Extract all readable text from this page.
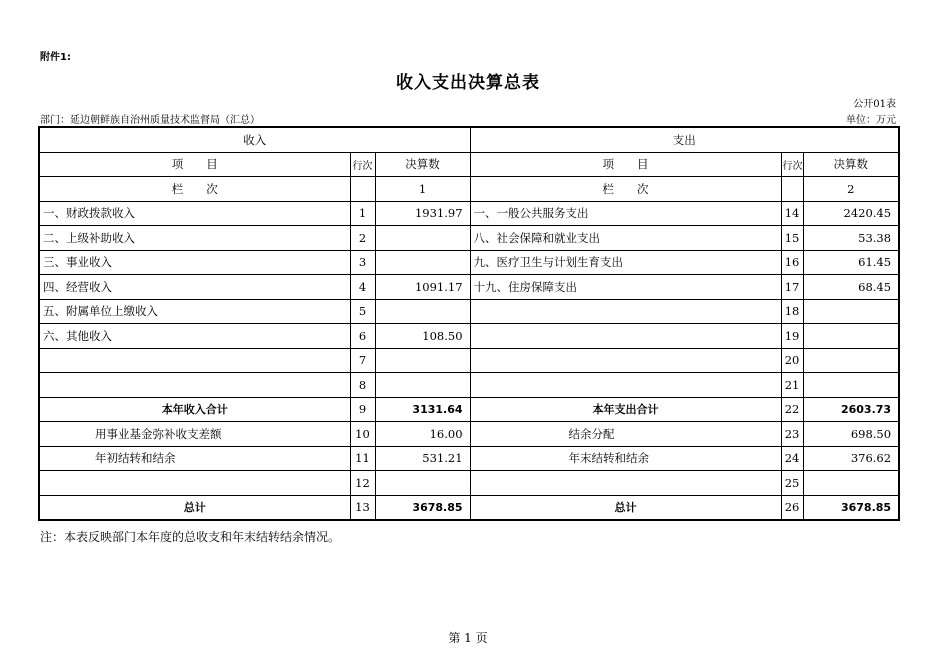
附件1:
收入支出决算总表
公开01表
部门：延边朝鲜族自治州质量技术监督局（汇总）	单位：万元
收入			支出		
项　　目	行次	决算数	项　　目	行次	决算数
栏　　次		1	栏　　次		2
一、财政拨款收入	1	1931.97	一、一般公共服务支出	14	2420.45
二、上级补助收入	2		八、社会保障和就业支出	15	53.38
三、事业收入	3		九、医疗卫生与计划生育支出	16	61.45
四、经营收入	4	1091.17	十九、住房保障支出	17	68.45
五、附属单位上缴收入	5			18	
六、其他收入	6	108.50		19	
	7			20	
	8			21	
本年收入合计	9	3131.64	本年支出合计	22	2603.73
用事业基金弥补收支差额	10	16.00	结余分配	23	698.50
年初结转和结余	11	531.21	年末结转和结余	24	376.62
	12			25	
总计	13	3678.85	总计	26	3678.85
注：本表反映部门本年度的总收支和年末结转结余情况。
第 1 页
